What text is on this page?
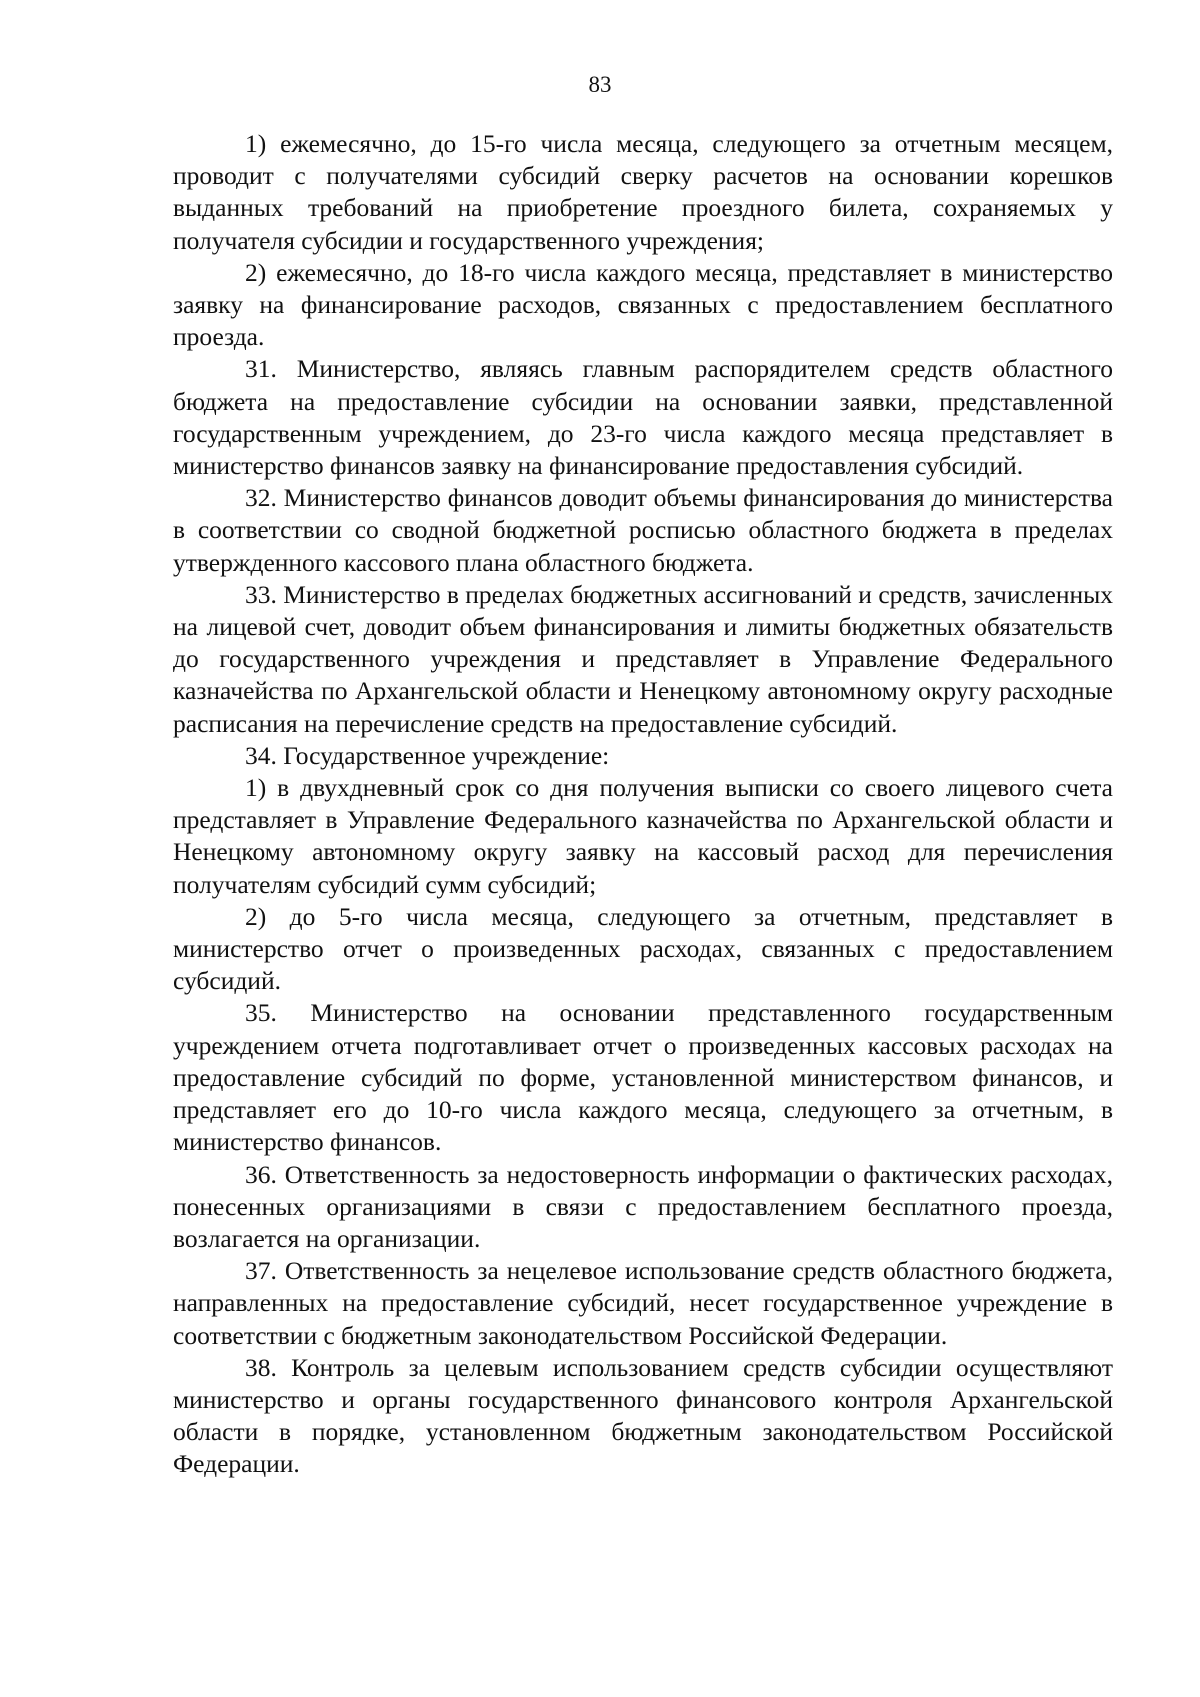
83

1) ежемесячно, до 15-го числа месяца, следующего за отчетным месяцем, проводит с получателями субсидий сверку расчетов на основании корешков выданных требований на приобретение проездного билета, сохраняемых у получателя субсидии и государственного учреждения;

2) ежемесячно, до 18-го числа каждого месяца, представляет в министерство заявку на финансирование расходов, связанных с предоставлением бесплатного проезда.

31. Министерство, являясь главным распорядителем средств областного бюджета на предоставление субсидии на основании заявки, представленной государственным учреждением, до 23-го числа каждого месяца представляет в министерство финансов заявку на финансирование предоставления субсидий.

32. Министерство финансов доводит объемы финансирования до министерства в соответствии со сводной бюджетной росписью областного бюджета в пределах утвержденного кассового плана областного бюджета.

33. Министерство в пределах бюджетных ассигнований и средств, зачисленных на лицевой счет, доводит объем финансирования и лимиты бюджетных обязательств до государственного учреждения и представляет в Управление Федерального казначейства по Архангельской области и Ненецкому автономному округу расходные расписания на перечисление средств на предоставление субсидий.

34. Государственное учреждение:

1) в двухдневный срок со дня получения выписки со своего лицевого счета представляет в Управление Федерального казначейства по Архангельской области и Ненецкому автономному округу заявку на кассовый расход для перечисления получателям субсидий сумм субсидий;

2) до 5-го числа месяца, следующего за отчетным, представляет в министерство отчет о произведенных расходах, связанных с предоставлением субсидий.

35. Министерство на основании представленного государственным учреждением отчета подготавливает отчет о произведенных кассовых расходах на предоставление субсидий по форме, установленной министерством финансов, и представляет его до 10-го числа каждого месяца, следующего за отчетным, в министерство финансов.

36. Ответственность за недостоверность информации о фактических расходах, понесенных организациями в связи с предоставлением бесплатного проезда, возлагается на организации.

37. Ответственность за нецелевое использование средств областного бюджета, направленных на предоставление субсидий, несет государственное учреждение в соответствии с бюджетным законодательством Российской Федерации.

38. Контроль за целевым использованием средств субсидии осуществляют министерство и органы государственного финансового контроля Архангельской области в порядке, установленном бюджетным законодательством Российской Федерации.
